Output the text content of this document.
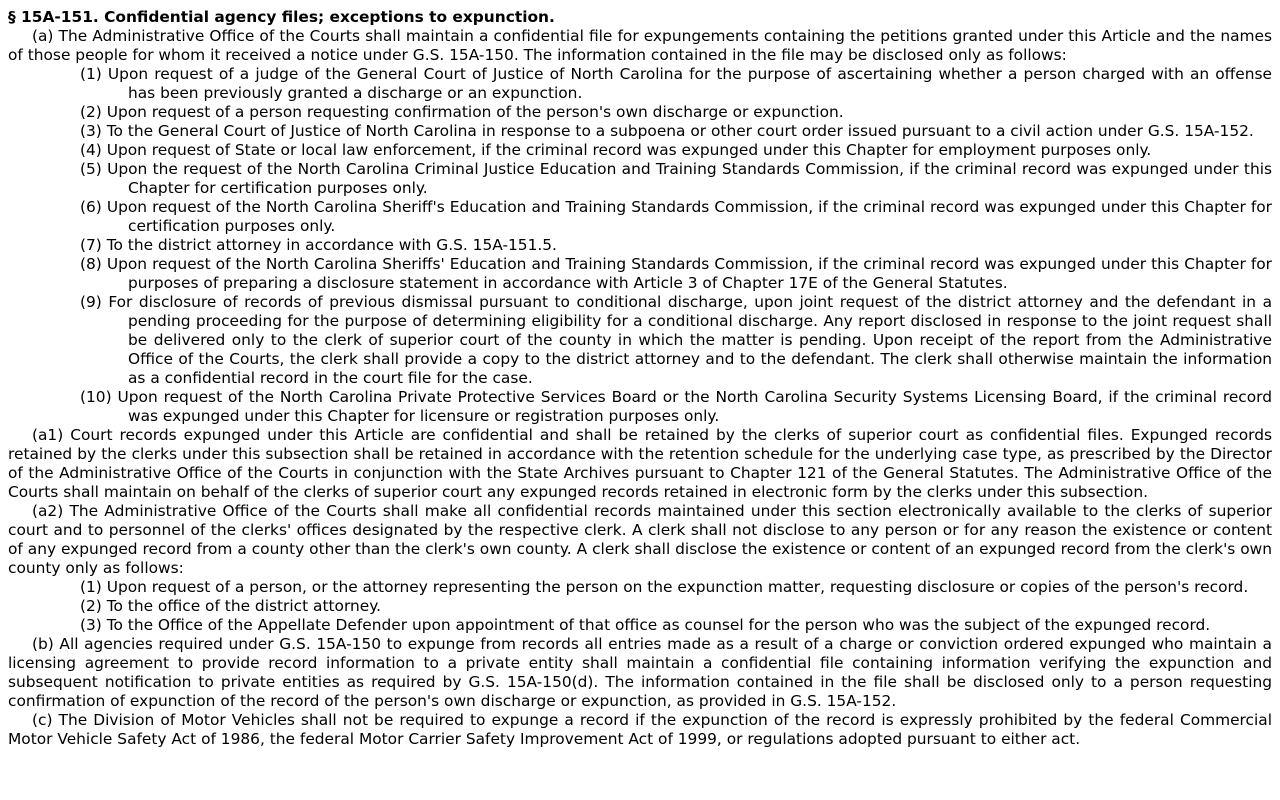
§ 15A-151. Confidential agency files; exceptions to expunction.

(a) The Administrative Office of the Courts shall maintain a confidential file for expungements containing the petitions granted under this Article and the names of those people for whom it received a notice under G.S. 15A-150. The information contained in the file may be disclosed only as follows:

(1) Upon request of a judge of the General Court of Justice of North Carolina for the purpose of ascertaining whether a person charged with an offense has been previously granted a discharge or an expunction.

(2) Upon request of a person requesting confirmation of the person's own discharge or expunction.

(3) To the General Court of Justice of North Carolina in response to a subpoena or other court order issued pursuant to a civil action under G.S. 15A-152.

(4) Upon request of State or local law enforcement, if the criminal record was expunged under this Chapter for employment purposes only.

(5) Upon the request of the North Carolina Criminal Justice Education and Training Standards Commission, if the criminal record was expunged under this Chapter for certification purposes only.

(6) Upon request of the North Carolina Sheriff's Education and Training Standards Commission, if the criminal record was expunged under this Chapter for certification purposes only.

(7) To the district attorney in accordance with G.S. 15A-151.5.

(8) Upon request of the North Carolina Sheriffs' Education and Training Standards Commission, if the criminal record was expunged under this Chapter for purposes of preparing a disclosure statement in accordance with Article 3 of Chapter 17E of the General Statutes.

(9) For disclosure of records of previous dismissal pursuant to conditional discharge, upon joint request of the district attorney and the defendant in a pending proceeding for the purpose of determining eligibility for a conditional discharge. Any report disclosed in response to the joint request shall be delivered only to the clerk of superior court of the county in which the matter is pending. Upon receipt of the report from the Administrative Office of the Courts, the clerk shall provide a copy to the district attorney and to the defendant. The clerk shall otherwise maintain the information as a confidential record in the court file for the case.

(10) Upon request of the North Carolina Private Protective Services Board or the North Carolina Security Systems Licensing Board, if the criminal record was expunged under this Chapter for licensure or registration purposes only.

(a1) Court records expunged under this Article are confidential and shall be retained by the clerks of superior court as confidential files. Expunged records retained by the clerks under this subsection shall be retained in accordance with the retention schedule for the underlying case type, as prescribed by the Director of the Administrative Office of the Courts in conjunction with the State Archives pursuant to Chapter 121 of the General Statutes. The Administrative Office of the Courts shall maintain on behalf of the clerks of superior court any expunged records retained in electronic form by the clerks under this subsection.

(a2) The Administrative Office of the Courts shall make all confidential records maintained under this section electronically available to the clerks of superior court and to personnel of the clerks' offices designated by the respective clerk. A clerk shall not disclose to any person or for any reason the existence or content of any expunged record from a county other than the clerk's own county. A clerk shall disclose the existence or content of an expunged record from the clerk's own county only as follows:

(1) Upon request of a person, or the attorney representing the person on the expunction matter, requesting disclosure or copies of the person's record.

(2) To the office of the district attorney.

(3) To the Office of the Appellate Defender upon appointment of that office as counsel for the person who was the subject of the expunged record.

(b) All agencies required under G.S. 15A-150 to expunge from records all entries made as a result of a charge or conviction ordered expunged who maintain a licensing agreement to provide record information to a private entity shall maintain a confidential file containing information verifying the expunction and subsequent notification to private entities as required by G.S. 15A-150(d). The information contained in the file shall be disclosed only to a person requesting confirmation of expunction of the record of the person's own discharge or expunction, as provided in G.S. 15A-152.

(c) The Division of Motor Vehicles shall not be required to expunge a record if the expunction of the record is expressly prohibited by the federal Commercial Motor Vehicle Safety Act of 1986, the federal Motor Carrier Safety Improvement Act of 1999, or regulations adopted pursuant to either act.
